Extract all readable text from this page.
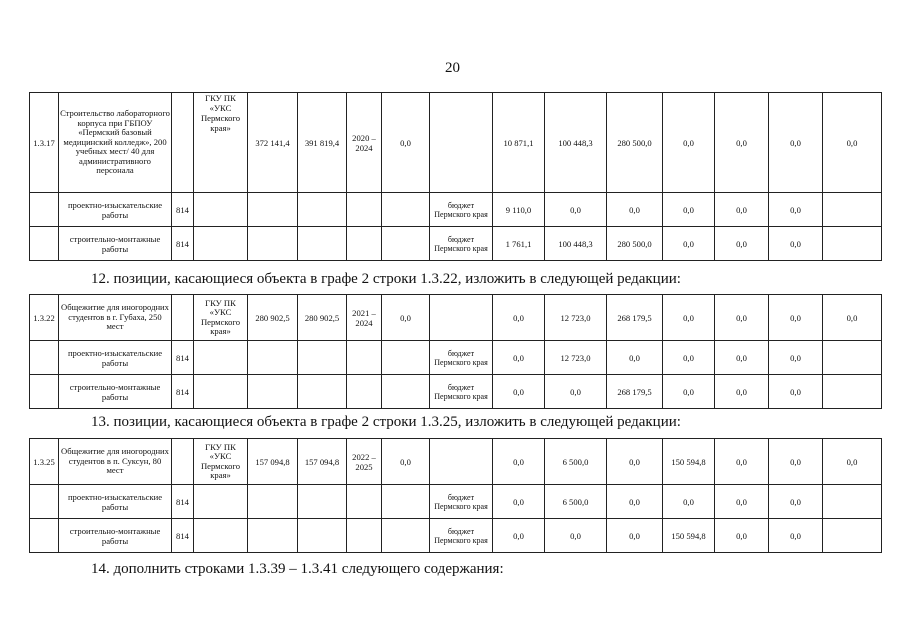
20
1.3.17	Строительство лабораторного корпуса при ГБПОУ «Пермский базовый медицинский колледж», 200 учебных мест/ 40 для административного персонала		ГКУ ПК «УКС Пермского края»	372 141,4	391 819,4	2020 – 2024	0,0		10 871,1	100 448,3	280 500,0	0,0	0,0	0,0	0,0
	проектно-изыскательские работы	814						бюджет Пермского края	9 110,0	0,0	0,0	0,0	0,0	0,0	
	строительно-монтажные работы	814						бюджет Пермского края	1 761,1	100 448,3	280 500,0	0,0	0,0	0,0	
12. позиции, касающиеся объекта в графе 2 строки 1.3.22, изложить в следующей редакции:
1.3.22	Общежитие для иногородних студентов в г. Губаха, 250 мест		ГКУ ПК «УКС Пермского края»	280 902,5	280 902,5	2021 – 2024	0,0		0,0	12 723,0	268 179,5	0,0	0,0	0,0	0,0
	проектно-изыскательские работы	814						бюджет Пермского края	0,0	12 723,0	0,0	0,0	0,0	0,0	
	строительно-монтажные работы	814						бюджет Пермского края	0,0	0,0	268 179,5	0,0	0,0	0,0	
13. позиции, касающиеся объекта в графе 2 строки 1.3.25, изложить в следующей редакции:
1.3.25	Общежитие для иногородних студентов в п. Суксун, 80 мест		ГКУ ПК «УКС Пермского края»	157 094,8	157 094,8	2022 – 2025	0,0		0,0	6 500,0	0,0	150 594,8	0,0	0,0	0,0
	проектно-изыскательские работы	814						бюджет Пермского края	0,0	6 500,0	0,0	0,0	0,0	0,0	
	строительно-монтажные работы	814						бюджет Пермского края	0,0	0,0	0,0	150 594,8	0,0	0,0	
14. дополнить строками 1.3.39 – 1.3.41 следующего содержания:
